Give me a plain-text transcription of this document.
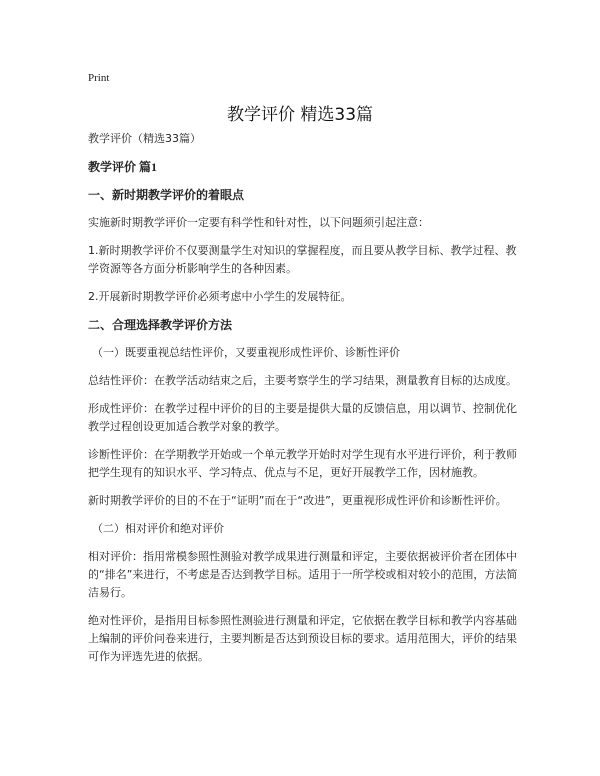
Print
教学评价 精选33篇

教学评价（精选33篇）

教学评价 篇1

一、新时期教学评价的着眼点

实施新时期教学评价一定要有科学性和针对性，以下问题须引起注意：

1.新时期教学评价不仅要测量学生对知识的掌握程度，而且要从教学目标、教学过程、教学资源等各方面分析影响学生的各种因素。

2.开展新时期教学评价必须考虑中小学生的发展特征。

二、合理选择教学评价方法

（一）既要重视总结性评价，又要重视形成性评价、诊断性评价

总结性评价：在教学活动结束之后，主要考察学生的学习结果，测量教育目标的达成度。

形成性评价：在教学过程中评价的目的主要是提供大量的反馈信息，用以调节、控制优化教学过程创设更加适合教学对象的教学。

诊断性评价：在学期教学开始或一个单元教学开始时对学生现有水平进行评价，利于教师把学生现有的知识水平、学习特点、优点与不足，更好开展教学工作，因材施教。

新时期教学评价的目的不在于“证明”而在于“改进”，更重视形成性评价和诊断性评价。

（二）相对评价和绝对评价

相对评价：指用常模参照性测验对教学成果进行测量和评定，主要依据被评价者在团体中的“排名”来进行，不考虑是否达到教学目标。适用于一所学校或相对较小的范围，方法简洁易行。

绝对性评价，是指用目标参照性测验进行测量和评定，它依据在教学目标和教学内容基础上编制的评价问卷来进行，主要判断是否达到预设目标的要求。适用范围大，评价的结果可作为评选先进的依据。
